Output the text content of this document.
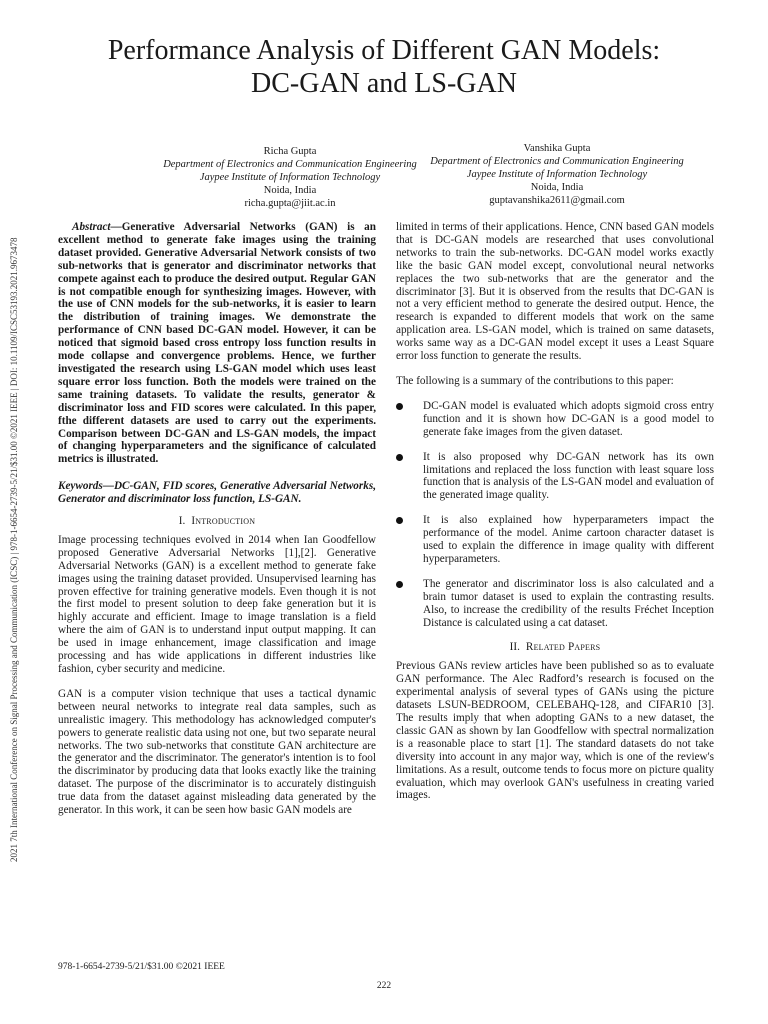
Performance Analysis of Different GAN Models:
DC-GAN and LS-GAN
2021 7th International Conference on Signal Processing and Communication (ICSC) | 978-1-6654-2739-5/21/$31.00 ©2021 IEEE | DOI: 10.1109/ICSC53193.2021.9673478
Richa Gupta
Department of Electronics and Communication Engineering
Jaypee Institute of Information Technology
Noida, India
richa.gupta@jiit.ac.in
Vanshika Gupta
Department of Electronics and Communication Engineering
Jaypee Institute of Information Technology
Noida, India
guptavanshika2611@gmail.com

Abstract—Generative Adversarial Networks (GAN) is an excellent method to generate fake images using the training dataset provided. Generative Adversarial Network consists of two sub-networks that is generator and discriminator networks that compete against each to produce the desired output. Regular GAN is not compatible enough for synthesizing images. However, with the use of CNN models for the sub-networks, it is easier to learn the distribution of training images. We demonstrate the performance of CNN based DC-GAN model. However, it can be noticed that sigmoid based cross entropy loss function results in mode collapse and convergence problems. Hence, we further investigated the research using LS-GAN model which uses least square error loss function. Both the models were trained on the same training datasets. To validate the results, generator & discriminator loss and FID scores were calculated. In this paper, fthe different datasets are used to carry out the experiments. Comparison between DC-GAN and LS-GAN models, the impact of changing hyperparameters and the significance of calculated metrics is illustrated.

Keywords—DC-GAN, FID scores, Generative Adversarial Networks, Generator and discriminator loss function, LS-GAN.

I. Introduction

Image processing techniques evolved in 2014 when Ian Goodfellow proposed Generative Adversarial Networks [1],[2]. Generative Adversarial Networks (GAN) is a excellent method to generate fake images using the training dataset provided. Unsupervised learning has proven effective for training generative models. Even though it is not the first model to present solution to deep fake generation but it is highly accurate and efficient. Image to image translation is a field where the aim of GAN is to understand input output mapping. It can be used in image enhancement, image classification and image processing and has wide applications in different industries like fashion, cyber security and medicine.

GAN is a computer vision technique that uses a tactical dynamic between neural networks to integrate real data samples, such as unrealistic imagery. This methodology has acknowledged computer's powers to generate realistic data using not one, but two separate neural networks. The two sub-networks that constitute GAN architecture are the generator and the discriminator. The generator's intention is to fool the discriminator by producing data that looks exactly like the training dataset. The purpose of the discriminator is to accurately distinguish true data from the dataset against misleading data generated by the generator. In this work, it can be seen how basic GAN models are

limited in terms of their applications. Hence, CNN based GAN models that is DC-GAN models are researched that uses convolutional networks to train the sub-networks. DC-GAN model works exactly like the basic GAN model except, convolutional neural networks replaces the two sub-networks that are the generator and the discriminator [3]. But it is observed from the results that DC-GAN is not a very efficient method to generate the desired output. Hence, the research is expanded to different models that work on the same application area. LS-GAN model, which is trained on same datasets, works same way as a DC-GAN model except it uses a Least Square error loss function to generate the results.

The following is a summary of the contributions to this paper:

DC-GAN model is evaluated which adopts sigmoid cross entry function and it is shown how DC-GAN is a good model to generate fake images from the given dataset.
It is also proposed why DC-GAN network has its own limitations and replaced the loss function with least square loss function that is analysis of the LS-GAN model and evaluation of the generated image quality.
It is also explained how hyperparameters impact the performance of the model. Anime cartoon character dataset is used to explain the difference in image quality with different hyperparameters.
The generator and discriminator loss is also calculated and a brain tumor dataset is used to explain the contrasting results. Also, to increase the credibility of the results Fréchet Inception Distance is calculated using a cat dataset.
II. Related Papers

Previous GANs review articles have been published so as to evaluate GAN performance. The Alec Radford’s research is focused on the experimental analysis of several types of GANs using the picture datasets LSUN-BEDROOM, CELEBAHQ-128, and CIFAR10 [3]. The results imply that when adopting GANs to a new dataset, the classic GAN as shown by Ian Goodfellow with spectral normalization is a reasonable place to start [1]. The standard datasets do not take diversity into account in any major way, which is one of the review's limitations. As a result, outcome tends to focus more on picture quality evaluation, which may overlook GAN's usefulness in creating varied images.

978-1-6654-2739-5/21/$31.00 ©2021 IEEE
222
